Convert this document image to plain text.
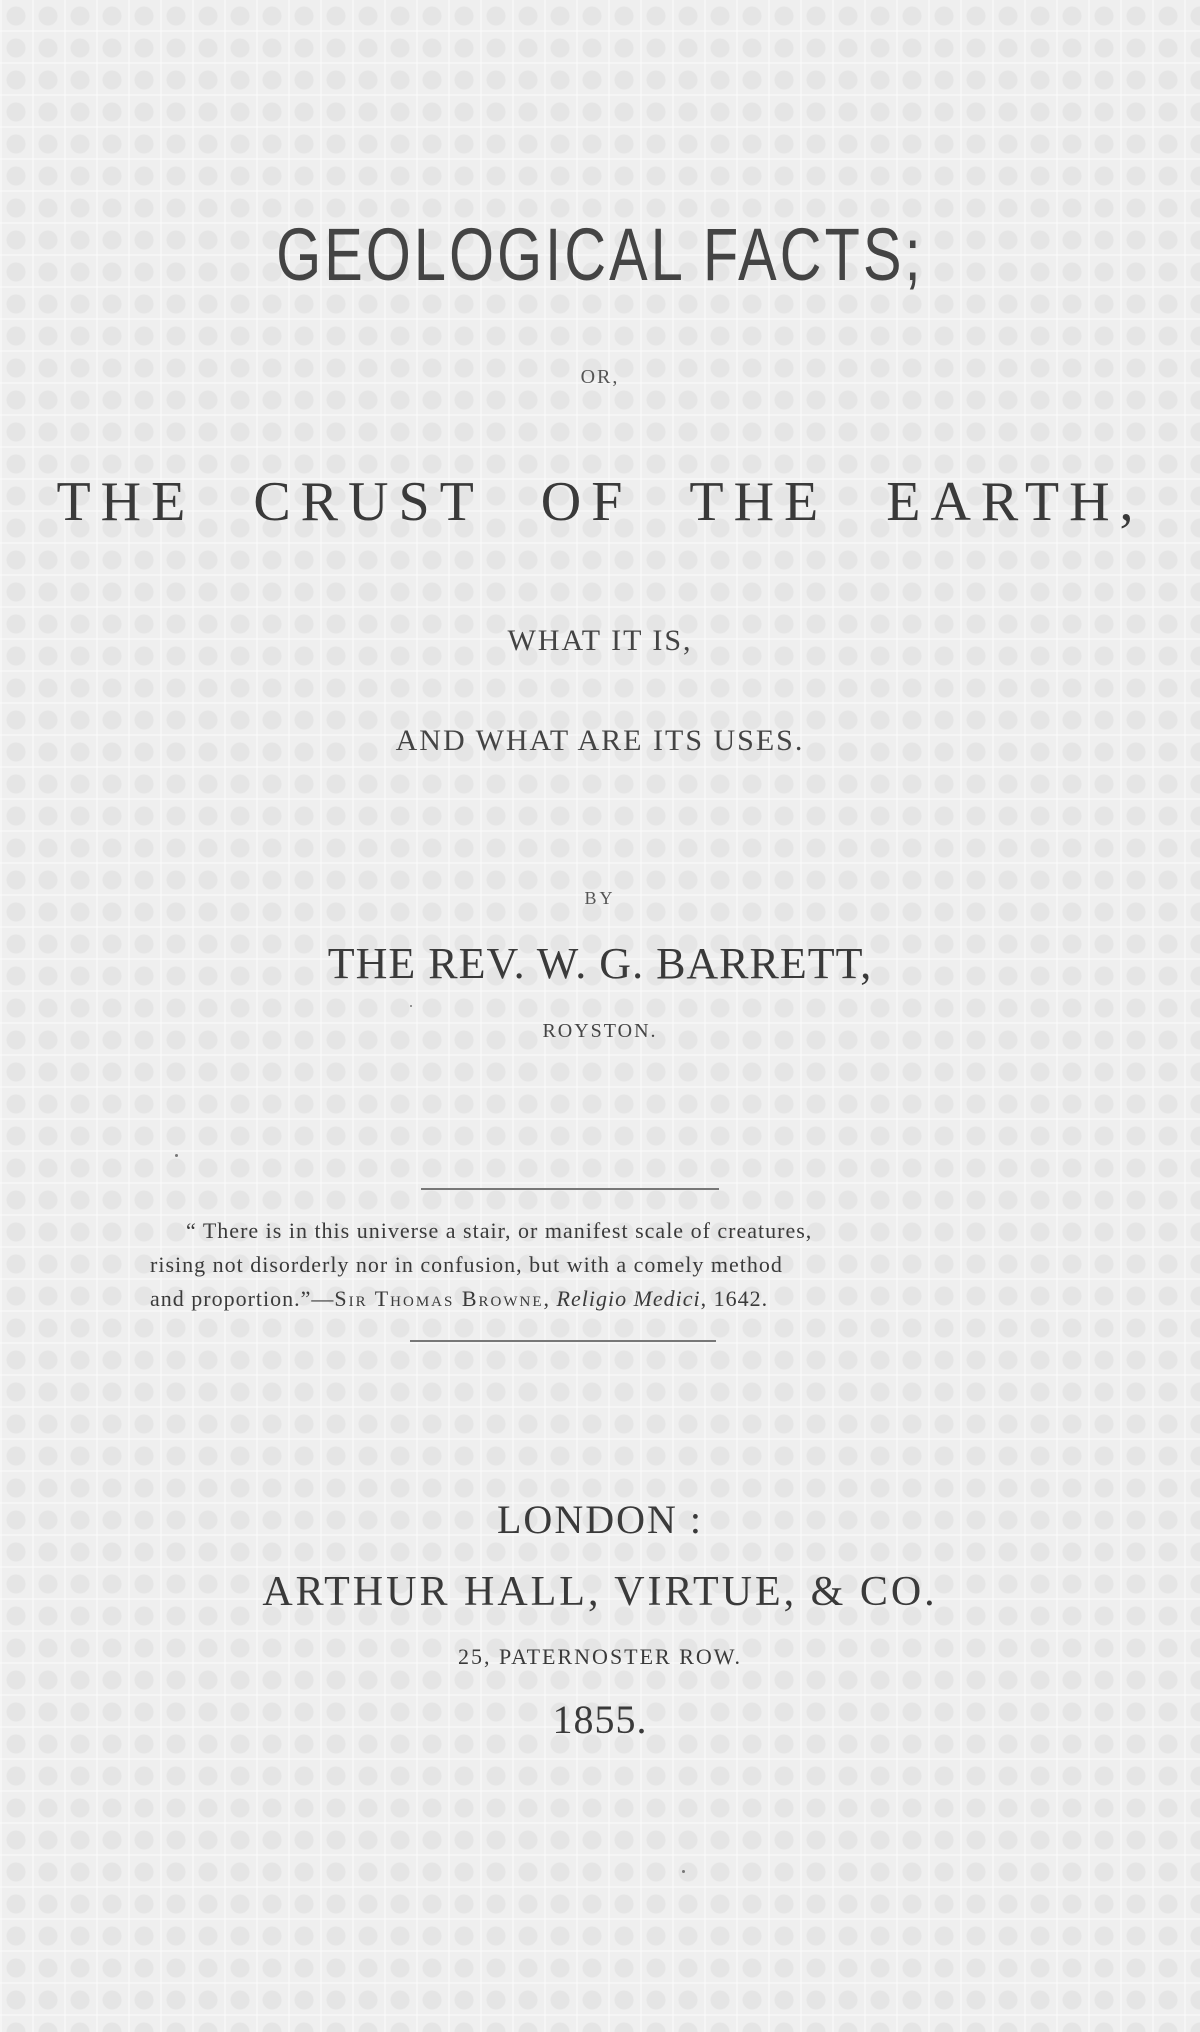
GEOLOGICAL FACTS;
OR,
THE CRUST OF THE EARTH,
WHAT IT IS,
AND WHAT ARE ITS USES.
BY
THE REV. W. G. BARRETT,
ROYSTON.
“ There is in this universe a stair, or manifest scale of creatures,
rising not disorderly nor in confusion, but with a comely method
and proportion.”—Sir Thomas Browne, Religio Medici, 1642.
LONDON :
ARTHUR HALL, VIRTUE, & CO.
25, PATERNOSTER ROW.
1855.
